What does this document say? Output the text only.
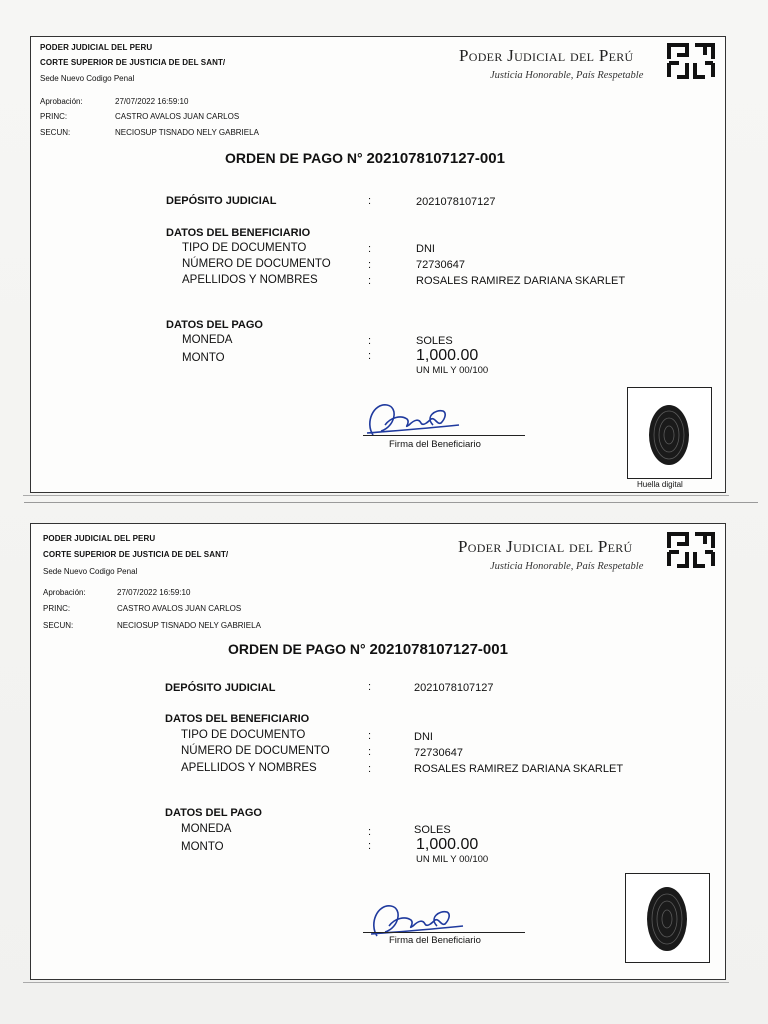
PODER JUDICIAL DEL PERU
CORTE SUPERIOR DE JUSTICIA DE DEL SANT/
Sede Nuevo Codigo Penal
Aprobación:	27/07/2022 16:59:10
PRINC:	CASTRO AVALOS JUAN CARLOS
SECUN:	NECIOSUP TISNADO NELY GABRIELA
Poder Judicial del Perú
Justicia Honorable, País Respetable
ORDEN DE PAGO N° 2021078107127-001
DEPÓSITO JUDICIAL	:	2021078107127
DATOS DEL BENEFICIARIO
TIPO DE DOCUMENTO	:	DNI
NÚMERO DE DOCUMENTO	:	72730647
APELLIDOS Y NOMBRES	:	ROSALES RAMIREZ DARIANA SKARLET
DATOS DEL PAGO
MONEDA	:	SOLES
MONTO	:	1,000.00
UN MIL Y 00/100
Firma del Beneficiario
Huella digital
PODER JUDICIAL DEL PERU
CORTE SUPERIOR DE JUSTICIA DE DEL SANT/
Sede Nuevo Codigo Penal
Aprobación:	27/07/2022 16:59:10
PRINC:	CASTRO AVALOS JUAN CARLOS
SECUN:	NECIOSUP TISNADO NELY GABRIELA
Poder Judicial del Perú
Justicia Honorable, País Respetable
ORDEN DE PAGO N° 2021078107127-001
DEPÓSITO JUDICIAL	:	2021078107127
DATOS DEL BENEFICIARIO
TIPO DE DOCUMENTO	:	DNI
NÚMERO DE DOCUMENTO	:	72730647
APELLIDOS Y NOMBRES	:	ROSALES RAMIREZ DARIANA SKARLET
DATOS DEL PAGO
MONEDA	:	SOLES
MONTO	:	1,000.00
UN MIL Y 00/100
Firma del Beneficiario
